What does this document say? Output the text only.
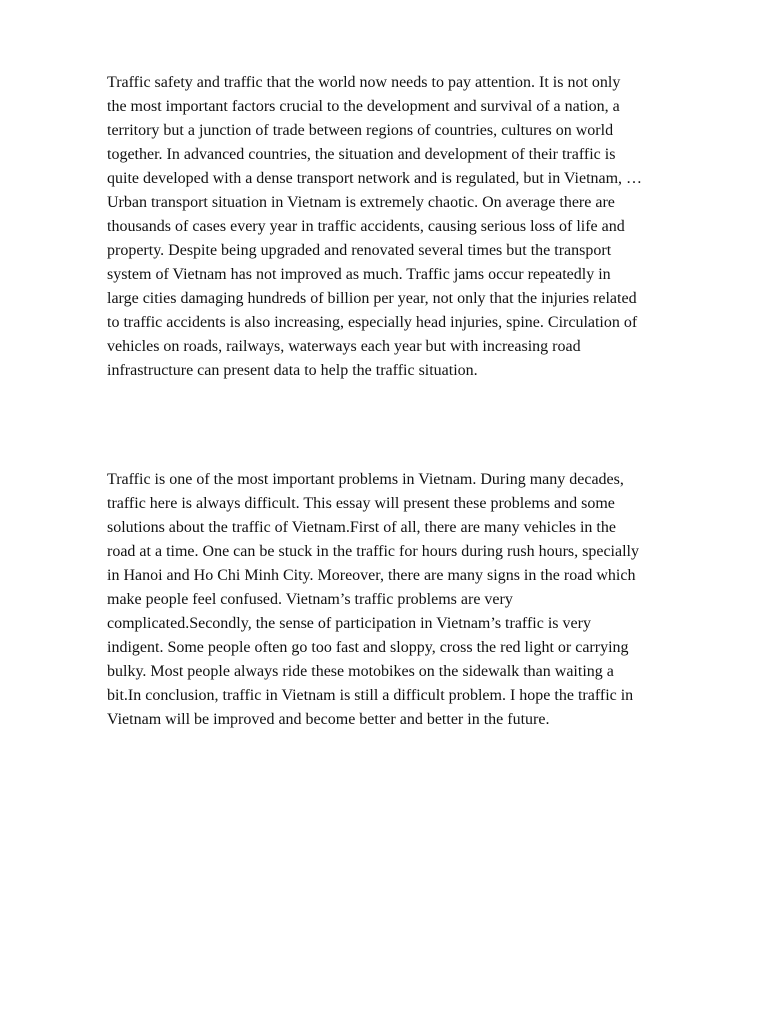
Traffic safety and traffic that the world now needs to pay attention. It is not only
the most important factors crucial to the development and survival of a nation, a
territory but a junction of trade between regions of countries, cultures on world
together. In advanced countries, the situation and development of their traffic is
quite developed with a dense transport network and is regulated, but in Vietnam, …
Urban transport situation in Vietnam is extremely chaotic. On average there are
thousands of cases every year in traffic accidents, causing serious loss of life and
property. Despite being upgraded and renovated several times but the transport
system of Vietnam has not improved as much. Traffic jams occur repeatedly in
large cities damaging hundreds of billion per year, not only that the injuries related
to traffic accidents is also increasing, especially head injuries, spine. Circulation of
vehicles on roads, railways, waterways each year but with increasing road
infrastructure can present data to help the traffic situation.

Traffic is one of the most important problems in Vietnam. During many decades,
traffic here is always difficult. This essay will present these problems and some
solutions about the traffic of Vietnam.First of all, there are many vehicles in the
road at a time. One can be stuck in the traffic for hours during rush hours, specially
in Hanoi and Ho Chi Minh City. Moreover, there are many signs in the road which
make people feel confused. Vietnam’s traffic problems are very
complicated.Secondly, the sense of participation in Vietnam’s traffic is very
indigent. Some people often go too fast and sloppy, cross the red light or carrying
bulky. Most people always ride these motobikes on the sidewalk than waiting a
bit.In conclusion, traffic in Vietnam is still a difficult problem. I hope the traffic in
Vietnam will be improved and become better and better in the future.
